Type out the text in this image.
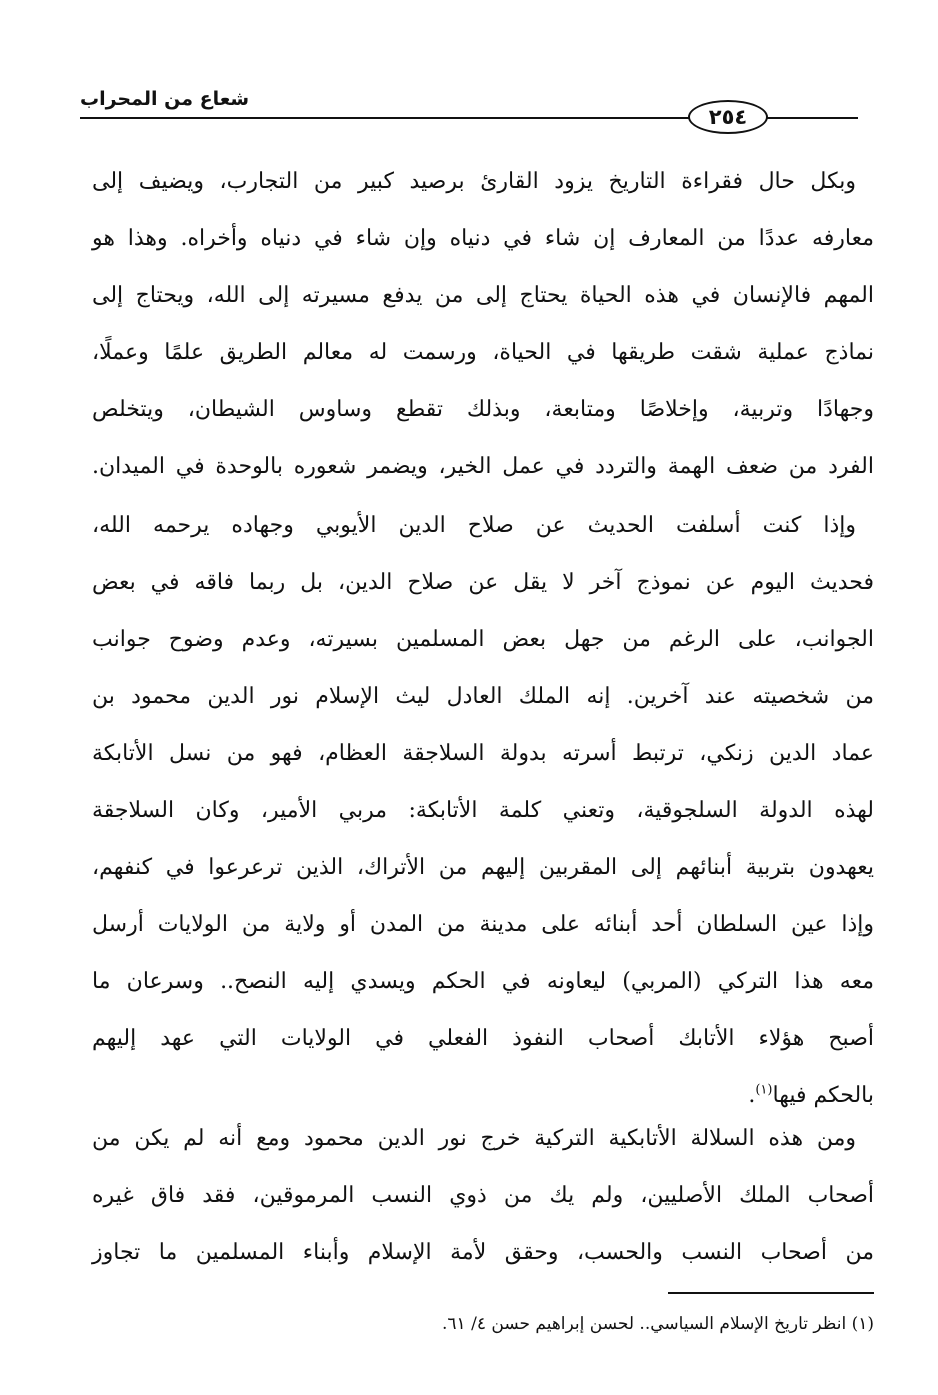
شعاع من المحراب
٢٥٤
وبكل حال فقراءة التاريخ يزود القارئ برصيد كبير من التجارب، ويضيف إلى
معارفه عددًا من المعارف إن شاء في دنياه وإن شاء في دنياه وأخراه. وهذا هو
المهم فالإنسان في هذه الحياة يحتاج إلى من يدفع مسيرته إلى الله، ويحتاج إلى
نماذج عملية شقت طريقها في الحياة، ورسمت له معالم الطريق علمًا وعملًا،
وجهادًا وتربية، وإخلاصًا ومتابعة، وبذلك تقطع وساوس الشيطان، ويتخلص
الفرد من ضعف الهمة والتردد في عمل الخير، ويضمر شعوره بالوحدة في الميدان.
وإذا كنت أسلفت الحديث عن صلاح الدين الأيوبي وجهاده يرحمه الله،
فحديث اليوم عن نموذج آخر لا يقل عن صلاح الدين، بل ربما فاقه في بعض
الجوانب، على الرغم من جهل بعض المسلمين بسيرته، وعدم وضوح جوانب
من شخصيته عند آخرين. إنه الملك العادل ليث الإسلام نور الدين محمود بن
عماد الدين زنكي، ترتبط أسرته بدولة السلاجقة العظام، فهو من نسل الأتابكة
لهذه الدولة السلجوقية، وتعني كلمة الأتابكة: مربي الأمير، وكان السلاجقة
يعهدون بتربية أبنائهم إلى المقربين إليهم من الأتراك، الذين ترعرعوا في كنفهم،
وإذا عين السلطان أحد أبنائه على مدينة من المدن أو ولاية من الولايات أرسل
معه هذا التركي (المربي) ليعاونه في الحكم ويسدي إليه النصح.. وسرعان ما
أصبح هؤلاء الأتابك أصحاب النفوذ الفعلي في الولايات التي عهد إليهم
بالحكم فيها$^{(١)}$.
ومن هذه السلالة الأتابكية التركية خرج نور الدين محمود ومع أنه لم يكن من
أصحاب الملك الأصليين، ولم يك من ذوي النسب المرموقين، فقد فاق غيره
من أصحاب النسب والحسب، وحقق لأمة الإسلام وأبناء المسلمين ما تجاوز
(١) انظر تاريخ الإسلام السياسي.. لحسن إبراهيم حسن ٤/ ٦١.
